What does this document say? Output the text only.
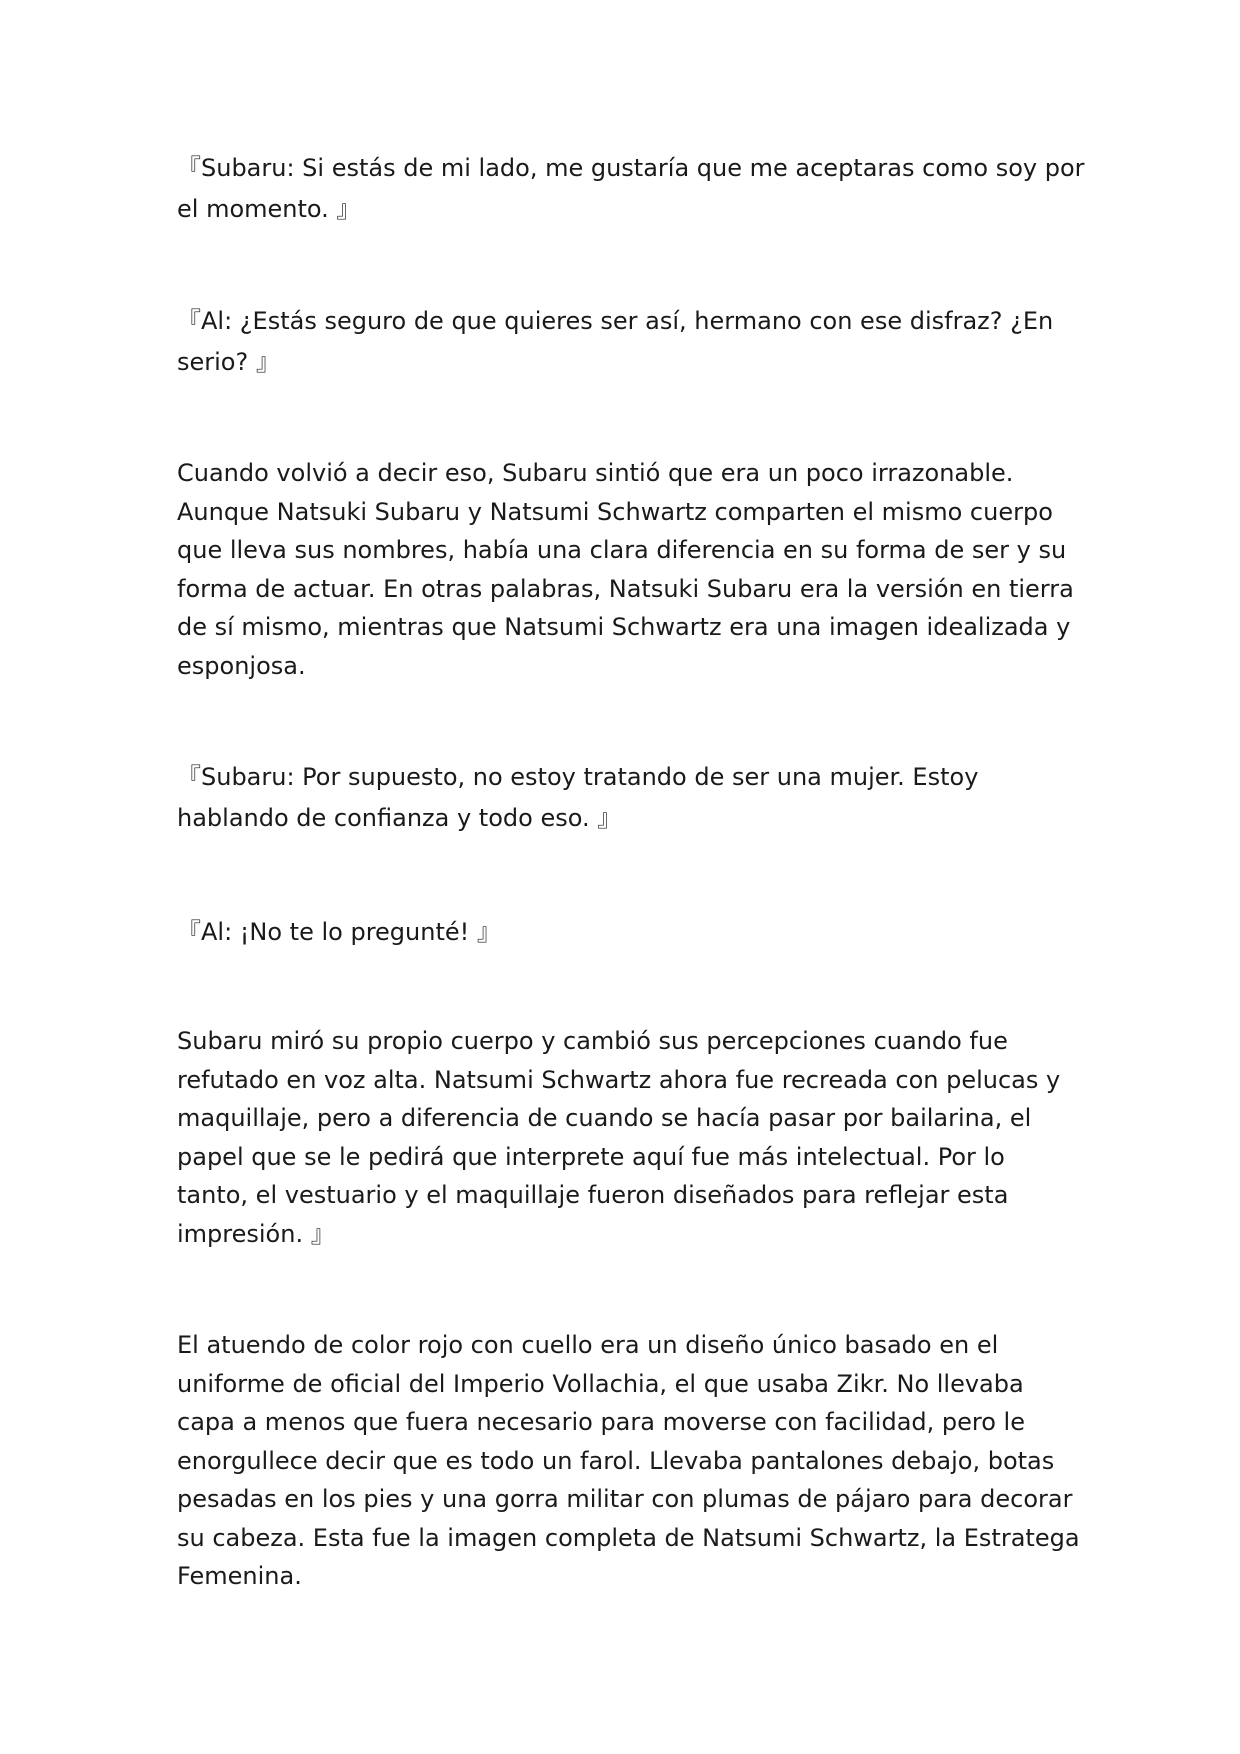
『Subaru: Si estás de mi lado, me gustaría que me aceptaras como soy por
el momento. 』
『Al: ¿Estás seguro de que quieres ser así, hermano con ese disfraz? ¿En
serio? 』
Cuando volvió a decir eso, Subaru sintió que era un poco irrazonable.
Aunque Natsuki Subaru y Natsumi Schwartz comparten el mismo cuerpo
que lleva sus nombres, había una clara diferencia en su forma de ser y su
forma de actuar. En otras palabras, Natsuki Subaru era la versión en tierra
de sí mismo, mientras que Natsumi Schwartz era una imagen idealizada y
esponjosa.
『Subaru: Por supuesto, no estoy tratando de ser una mujer. Estoy
hablando de confianza y todo eso. 』
『Al: ¡No te lo pregunté! 』
Subaru miró su propio cuerpo y cambió sus percepciones cuando fue
refutado en voz alta. Natsumi Schwartz ahora fue recreada con pelucas y
maquillaje, pero a diferencia de cuando se hacía pasar por bailarina, el
papel que se le pedirá que interprete aquí fue más intelectual. Por lo
tanto, el vestuario y el maquillaje fueron diseñados para reflejar esta
impresión. 』
El atuendo de color rojo con cuello era un diseño único basado en el
uniforme de oficial del Imperio Vollachia, el que usaba Zikr. No llevaba
capa a menos que fuera necesario para moverse con facilidad, pero le
enorgullece decir que es todo un farol. Llevaba pantalones debajo, botas
pesadas en los pies y una gorra militar con plumas de pájaro para decorar
su cabeza. Esta fue la imagen completa de Natsumi Schwartz, la Estratega
Femenina.
